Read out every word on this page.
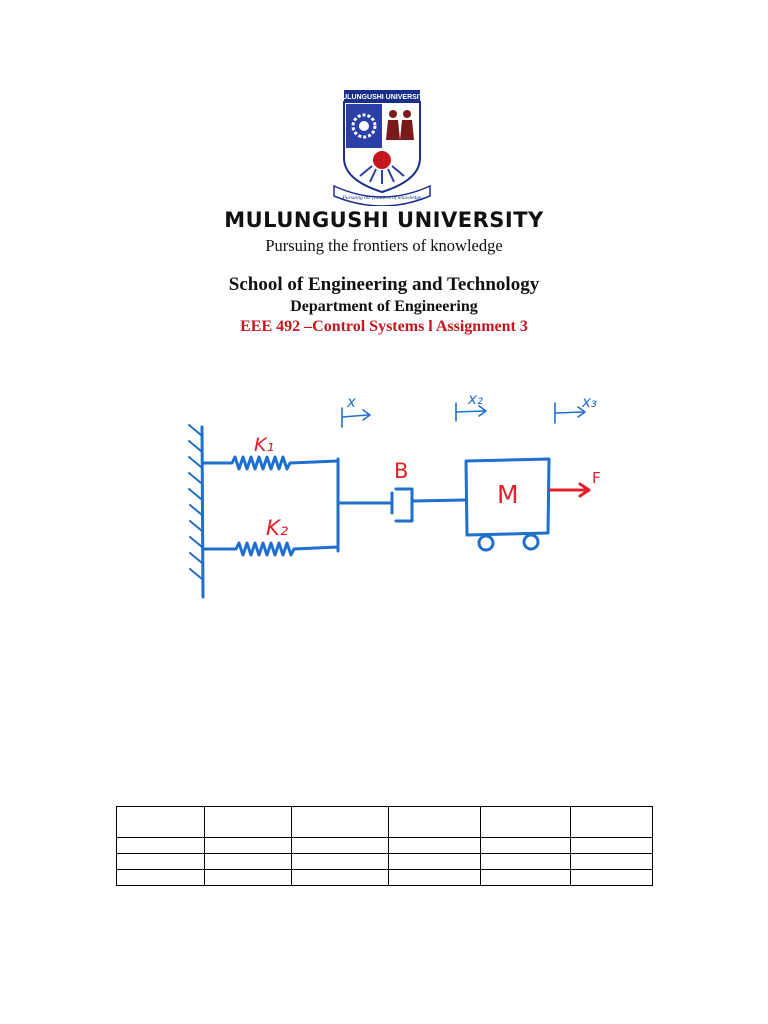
MULUNGUSHI UNIVERSITY
Pursuing the frontiers of knowledge
MULUNGUSHI UNIVERSITY
Pursuing the frontiers of knowledge
School of Engineering and Technology
Department of Engineering
EEE 492 –Control Systems l Assignment 3
x	x₂	x₃
K₁
K₂
B
M
F
